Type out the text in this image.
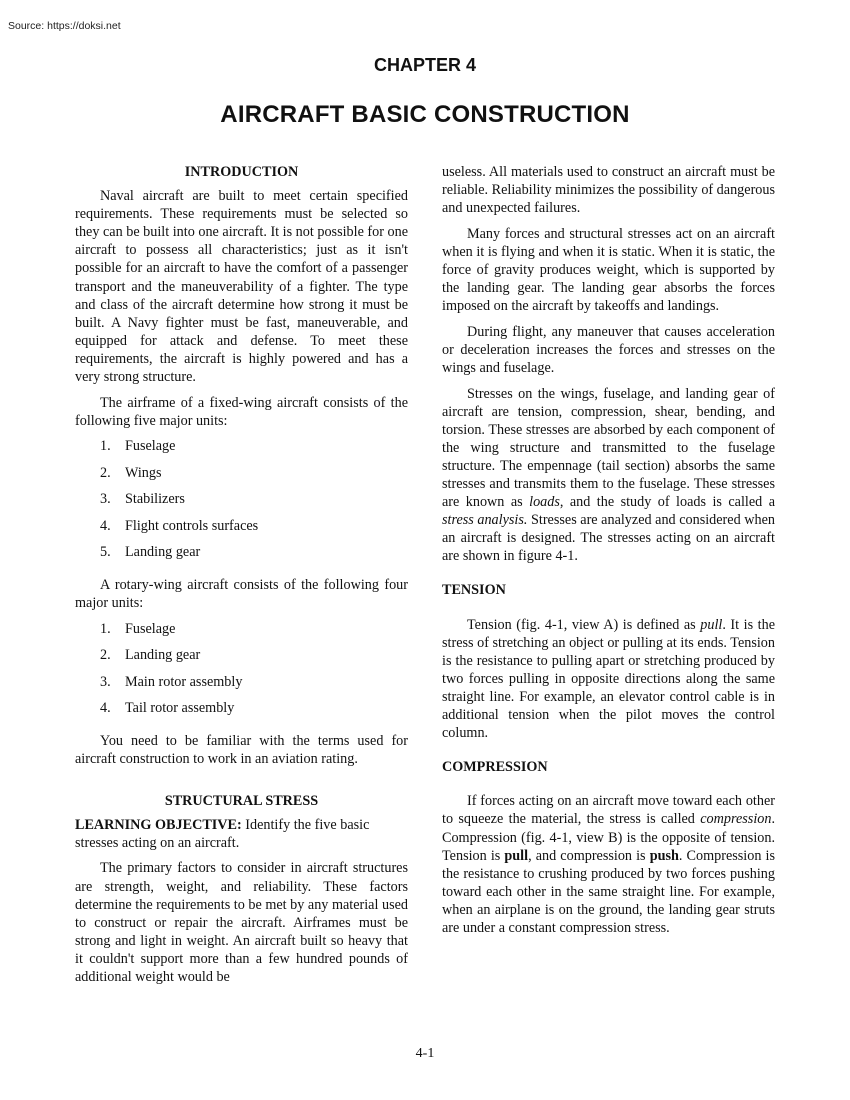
Source: https://doksi.net
CHAPTER 4
AIRCRAFT BASIC CONSTRUCTION
INTRODUCTION

Naval aircraft are built to meet certain specified requirements. These requirements must be selected so they can be built into one aircraft. It is not possible for one aircraft to possess all characteristics; just as it isn't possible for an aircraft to have the comfort of a passenger transport and the maneuverability of a fighter. The type and class of the aircraft determine how strong it must be built. A Navy fighter must be fast, maneuverable, and equipped for attack and defense. To meet these requirements, the aircraft is highly powered and has a very strong structure.

The airframe of a fixed-wing aircraft consists of the following five major units:

1.	Fuselage
2.	Wings
3.	Stabilizers
4.	Flight controls surfaces
5.	Landing gear

A rotary-wing aircraft consists of the following four major units:

1.	Fuselage
2.	Landing gear
3.	Main rotor assembly
4.	Tail rotor assembly

You need to be familiar with the terms used for aircraft construction to work in an aviation rating.

STRUCTURAL STRESS

LEARNING OBJECTIVE: Identify the five basic stresses acting on an aircraft.

The primary factors to consider in aircraft structures are strength, weight, and reliability. These factors determine the requirements to be met by any material used to construct or repair the aircraft. Airframes must be strong and light in weight. An aircraft built so heavy that it couldn't support more than a few hundred pounds of additional weight would be

useless. All materials used to construct an aircraft must be reliable. Reliability minimizes the possibility of dangerous and unexpected failures.

Many forces and structural stresses act on an aircraft when it is flying and when it is static. When it is static, the force of gravity produces weight, which is supported by the landing gear. The landing gear absorbs the forces imposed on the aircraft by takeoffs and landings.

During flight, any maneuver that causes acceleration or deceleration increases the forces and stresses on the wings and fuselage.

Stresses on the wings, fuselage, and landing gear of aircraft are tension, compression, shear, bending, and torsion. These stresses are absorbed by each component of the wing structure and transmitted to the fuselage structure. The empennage (tail section) absorbs the same stresses and transmits them to the fuselage. These stresses are known as loads, and the study of loads is called a stress analysis. Stresses are analyzed and considered when an aircraft is designed. The stresses acting on an aircraft are shown in figure 4-1.

TENSION

Tension (fig. 4-1, view A) is defined as pull. It is the stress of stretching an object or pulling at its ends. Tension is the resistance to pulling apart or stretching produced by two forces pulling in opposite directions along the same straight line. For example, an elevator control cable is in additional tension when the pilot moves the control column.

COMPRESSION

If forces acting on an aircraft move toward each other to squeeze the material, the stress is called compression. Compression (fig. 4-1, view B) is the opposite of tension. Tension is pull, and compression is push. Compression is the resistance to crushing produced by two forces pushing toward each other in the same straight line. For example, when an airplane is on the ground, the landing gear struts are under a constant compression stress.

4-1
